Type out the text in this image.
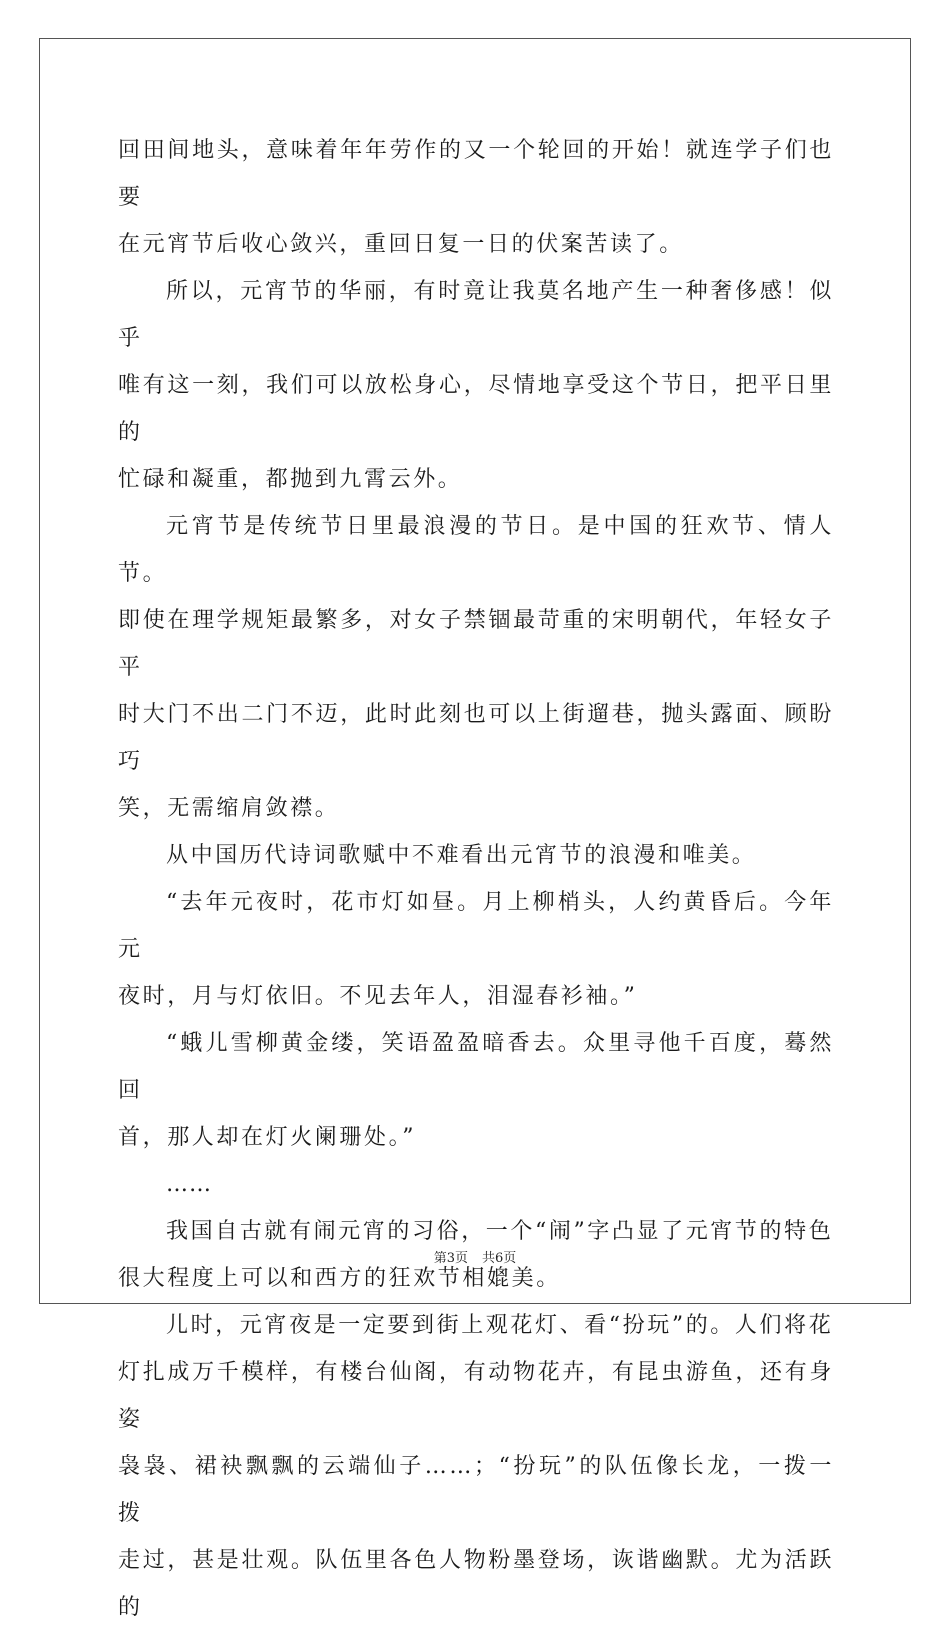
回田间地头，意味着年年劳作的又一个轮回的开始！就连学子们也要

在元宵节后收心敛兴，重回日复一日的伏案苦读了。

所以，元宵节的华丽，有时竟让我莫名地产生一种奢侈感！似乎

唯有这一刻，我们可以放松身心，尽情地享受这个节日，把平日里的

忙碌和凝重，都抛到九霄云外。

元宵节是传统节日里最浪漫的节日。是中国的狂欢节、情人节。

即使在理学规矩最繁多，对女子禁锢最苛重的宋明朝代，年轻女子平

时大门不出二门不迈，此时此刻也可以上街遛巷，抛头露面、顾盼巧

笑，无需缩肩敛襟。

从中国历代诗词歌赋中不难看出元宵节的浪漫和唯美。

“去年元夜时，花市灯如昼。月上柳梢头，人约黄昏后。今年元

夜时，月与灯依旧。不见去年人，泪湿春衫袖。”

“蛾儿雪柳黄金缕，笑语盈盈暗香去。众里寻他千百度，蓦然回

首，那人却在灯火阑珊处。”

……

我国自古就有闹元宵的习俗，一个“闹”字凸显了元宵节的特色

很大程度上可以和西方的狂欢节相媲美。

儿时，元宵夜是一定要到街上观花灯、看“扮玩”的。人们将花

灯扎成万千模样，有楼台仙阁，有动物花卉，有昆虫游鱼，还有身姿

袅袅、裙袂飘飘的云端仙子……；“扮玩”的队伍像长龙，一拨一拨

走过，甚是壮观。队伍里各色人物粉墨登场，诙谐幽默。尤为活跃的

第3页 共6页
